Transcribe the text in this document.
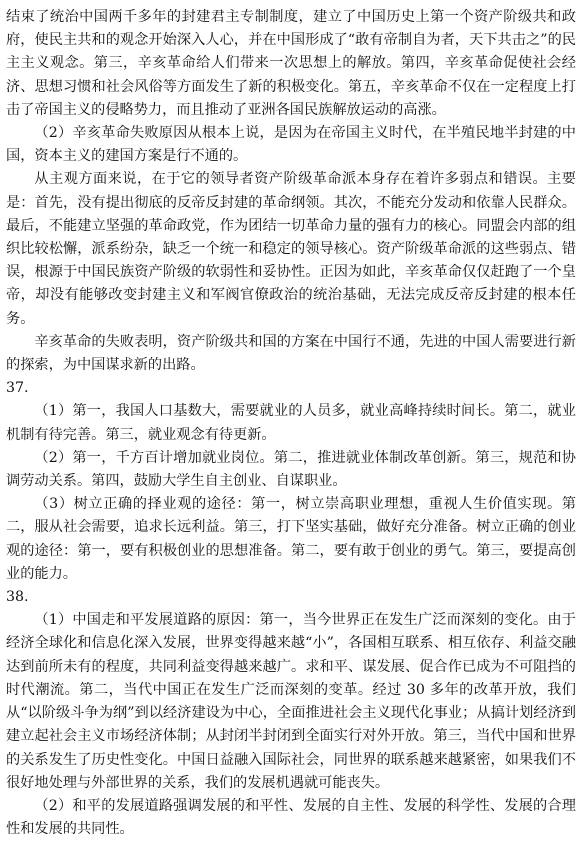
结束了统治中国两千多年的封建君主专制制度，建立了中国历史上第一个资产阶级共和政府，使民主共和的观念开始深入人心，并在中国形成了“敢有帝制自为者，天下共击之”的民主主义观念。第三，辛亥革命给人们带来一次思想上的解放。第四，辛亥革命促使社会经济、思想习惯和社会风俗等方面发生了新的积极变化。第五，辛亥革命不仅在一定程度上打击了帝国主义的侵略势力，而且推动了亚洲各国民族解放运动的高涨。

（2）辛亥革命失败原因从根本上说，是因为在帝国主义时代，在半殖民地半封建的中国，资本主义的建国方案是行不通的。

从主观方面来说，在于它的领导者资产阶级革命派本身存在着许多弱点和错误。主要是：首先，没有提出彻底的反帝反封建的革命纲领。其次，不能充分发动和依靠人民群众。最后，不能建立坚强的革命政党，作为团结一切革命力量的强有力的核心。同盟会内部的组织比较松懈，派系纷杂，缺乏一个统一和稳定的领导核心。资产阶级革命派的这些弱点、错误，根源于中国民族资产阶级的软弱性和妥协性。正因为如此，辛亥革命仅仅赶跑了一个皇帝，却没有能够改变封建主义和军阀官僚政治的统治基础，无法完成反帝反封建的根本任务。

辛亥革命的失败表明，资产阶级共和国的方案在中国行不通，先进的中国人需要进行新的探索，为中国谋求新的出路。

37.

（1）第一，我国人口基数大，需要就业的人员多，就业高峰持续时间长。第二，就业机制有待完善。第三，就业观念有待更新。

（2）第一，千方百计增加就业岗位。第二，推进就业体制改革创新。第三，规范和协调劳动关系。第四，鼓励大学生自主创业、自谋职业。

（3）树立正确的择业观的途径：第一，树立崇高职业理想，重视人生价值实现。第二，服从社会需要，追求长远利益。第三，打下坚实基础，做好充分准备。树立正确的创业观的途径：第一，要有积极创业的思想准备。第二，要有敢于创业的勇气。第三，要提高创业的能力。

38.

（1）中国走和平发展道路的原因：第一，当今世界正在发生广泛而深刻的变化。由于经济全球化和信息化深入发展，世界变得越来越“小”，各国相互联系、相互依存、利益交融达到前所未有的程度，共同利益变得越来越广。求和平、谋发展、促合作已成为不可阻挡的时代潮流。第二，当代中国正在发生广泛而深刻的变革。经过 30 多年的改革开放，我们从“以阶级斗争为纲”到以经济建设为中心，全面推进社会主义现代化事业；从搞计划经济到建立起社会主义市场经济体制；从封闭半封闭到全面实行对外开放。第三，当代中国和世界的关系发生了历史性变化。中国日益融入国际社会，同世界的联系越来越紧密，如果我们不很好地处理与外部世界的关系，我们的发展机遇就可能丧失。

（2）和平的发展道路强调发展的和平性、发展的自主性、发展的科学性、发展的合理性和发展的共同性。
